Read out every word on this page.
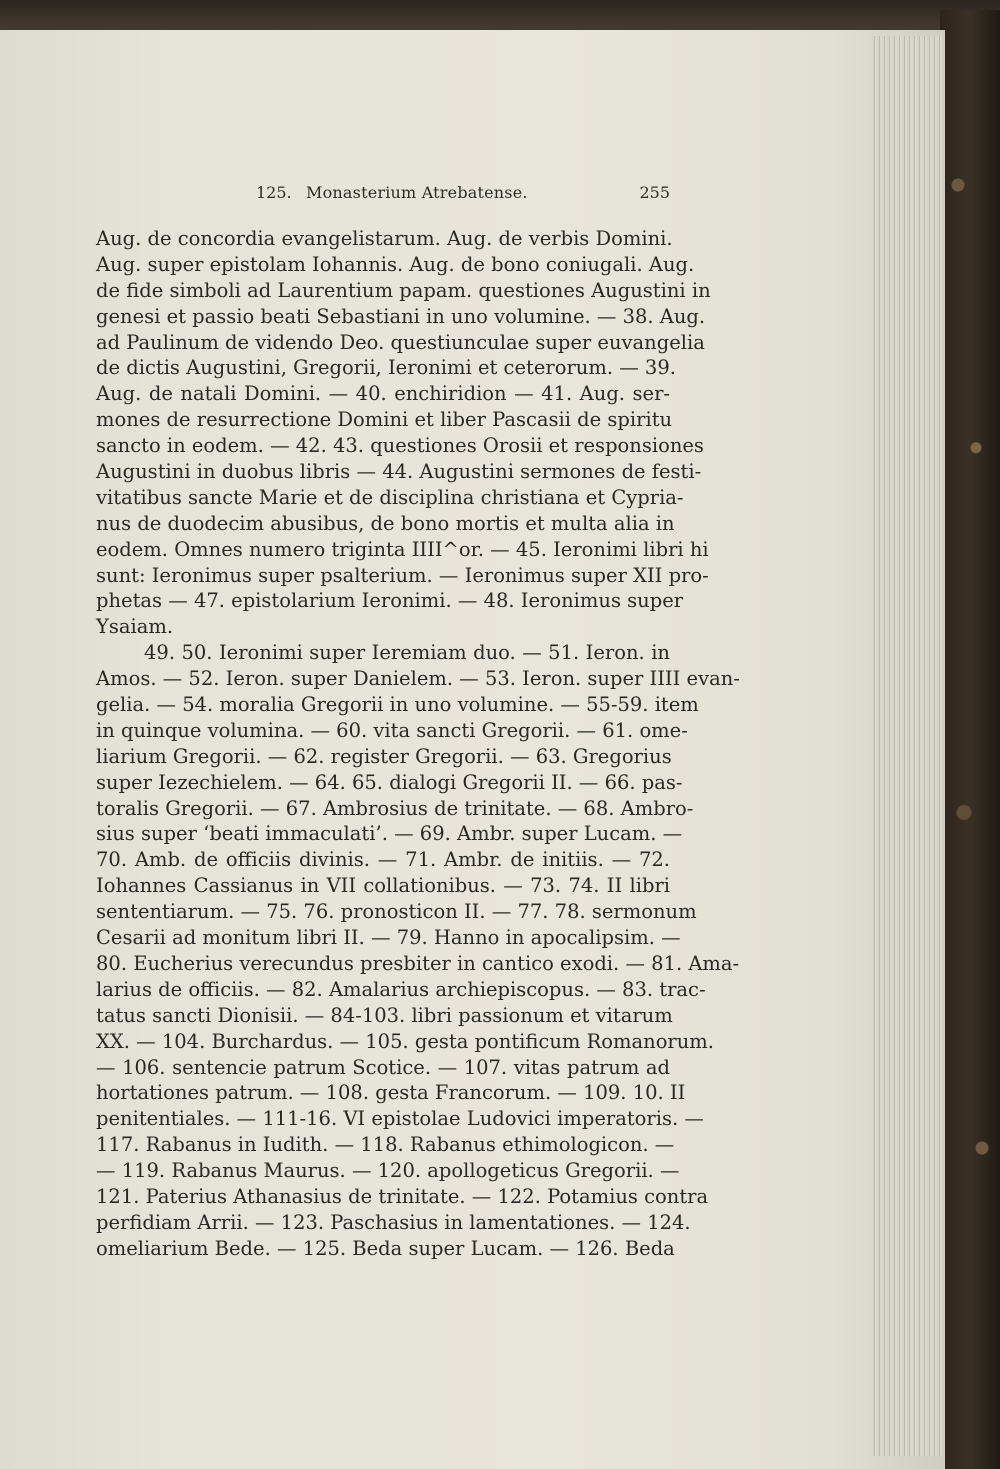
125. Monasterium Atrebatense.	255
Aug. de concordia evangelistarum. Aug. de verbis Domini.
Aug. super epistolam Iohannis. Aug. de bono coniugali. Aug.
de fide simboli ad Laurentium papam. questiones Augustini in
genesi et passio beati Sebastiani in uno volumine. — 38. Aug.
ad Paulinum de videndo Deo. questiunculae super euvangelia
de dictis Augustini, Gregorii, Ieronimi et ceterorum. — 39.
Aug. de natali Domini. — 40. enchiridion — 41. Aug. ser-
mones de resurrectione Domini et liber Pascasii de spiritu
sancto in eodem. — 42. 43. questiones Orosii et responsiones
Augustini in duobus libris — 44. Augustini sermones de festi-
vitatibus sancte Marie et de disciplina christiana et Cypria-
nus de duodecim abusibus, de bono mortis et multa alia in
eodem. Omnes numero triginta IIII^or. — 45. Ieronimi libri hi
sunt: Ieronimus super psalterium. — Ieronimus super XII pro-
phetas — 47. epistolarium Ieronimi. — 48. Ieronimus super
Ysaiam.
49. 50. Ieronimi super Ieremiam duo. — 51. Ieron. in
Amos. — 52. Ieron. super Danielem. — 53. Ieron. super IIII evan-
gelia. — 54. moralia Gregorii in uno volumine. — 55-59. item
in quinque volumina. — 60. vita sancti Gregorii. — 61. ome-
liarium Gregorii. — 62. register Gregorii. — 63. Gregorius
super Iezechielem. — 64. 65. dialogi Gregorii II. — 66. pas-
toralis Gregorii. — 67. Ambrosius de trinitate. — 68. Ambro-
sius super ‘beati immaculati’. — 69. Ambr. super Lucam. —
70. Amb. de officiis divinis. — 71. Ambr. de initiis. — 72.
Iohannes Cassianus in VII collationibus. — 73. 74. II libri
sententiarum. — 75. 76. pronosticon II. — 77. 78. sermonum
Cesarii ad monitum libri II. — 79. Hanno in apocalipsim. —
80. Eucherius verecundus presbiter in cantico exodi. — 81. Ama-
larius de officiis. — 82. Amalarius archiepiscopus. — 83. trac-
tatus sancti Dionisii. — 84-103. libri passionum et vitarum
XX. — 104. Burchardus. — 105. gesta pontificum Romanorum.
— 106. sentencie patrum Scotice. — 107. vitas patrum ad
hortationes patrum. — 108. gesta Francorum. — 109. 10. II
penitentiales. — 111-16. VI epistolae Ludovici imperatoris. —
117. Rabanus in Iudith. — 118. Rabanus ethimologicon. —
— 119. Rabanus Maurus. — 120. apollogeticus Gregorii. —
121. Paterius Athanasius de trinitate. — 122. Potamius contra
perfidiam Arrii. — 123. Paschasius in lamentationes. — 124.
omeliarium Bede. — 125. Beda super Lucam. — 126. Beda
